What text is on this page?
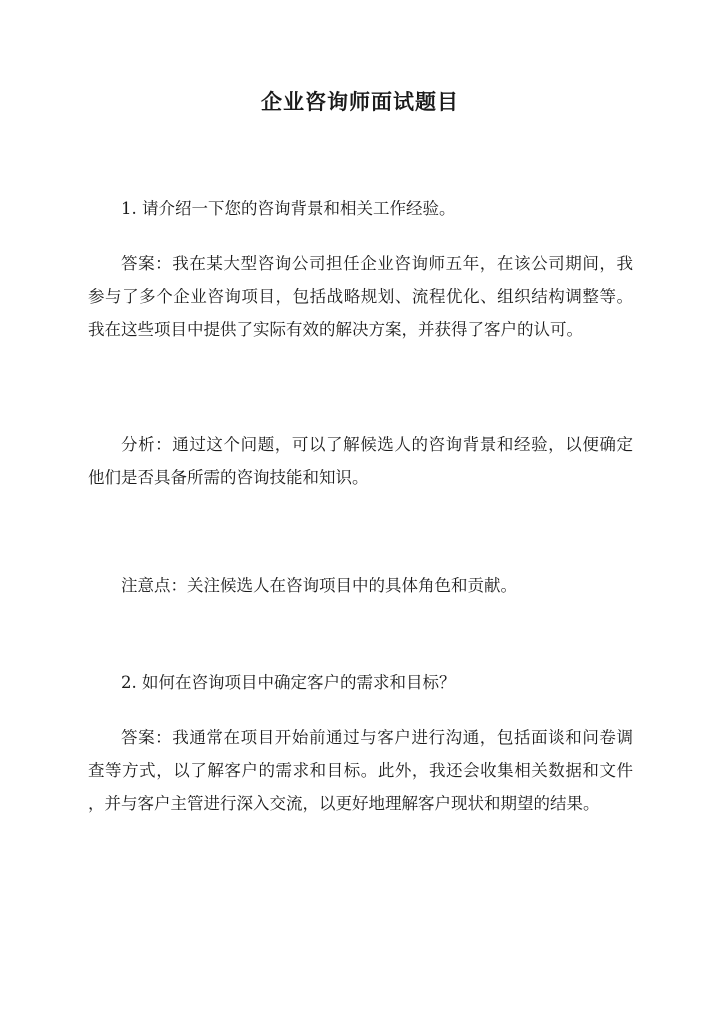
企业咨询师面试题目
1. 请介绍一下您的咨询背景和相关工作经验。
答案：我在某大型咨询公司担任企业咨询师五年，在该公司期间，我
参与了多个企业咨询项目，包括战略规划、流程优化、组织结构调整等。
我在这些项目中提供了实际有效的解决方案，并获得了客户的认可。
分析：通过这个问题，可以了解候选人的咨询背景和经验，以便确定
他们是否具备所需的咨询技能和知识。
注意点：关注候选人在咨询项目中的具体角色和贡献。
2. 如何在咨询项目中确定客户的需求和目标？
答案：我通常在项目开始前通过与客户进行沟通，包括面谈和问卷调
查等方式，以了解客户的需求和目标。此外，我还会收集相关数据和文件
，并与客户主管进行深入交流，以更好地理解客户现状和期望的结果。
